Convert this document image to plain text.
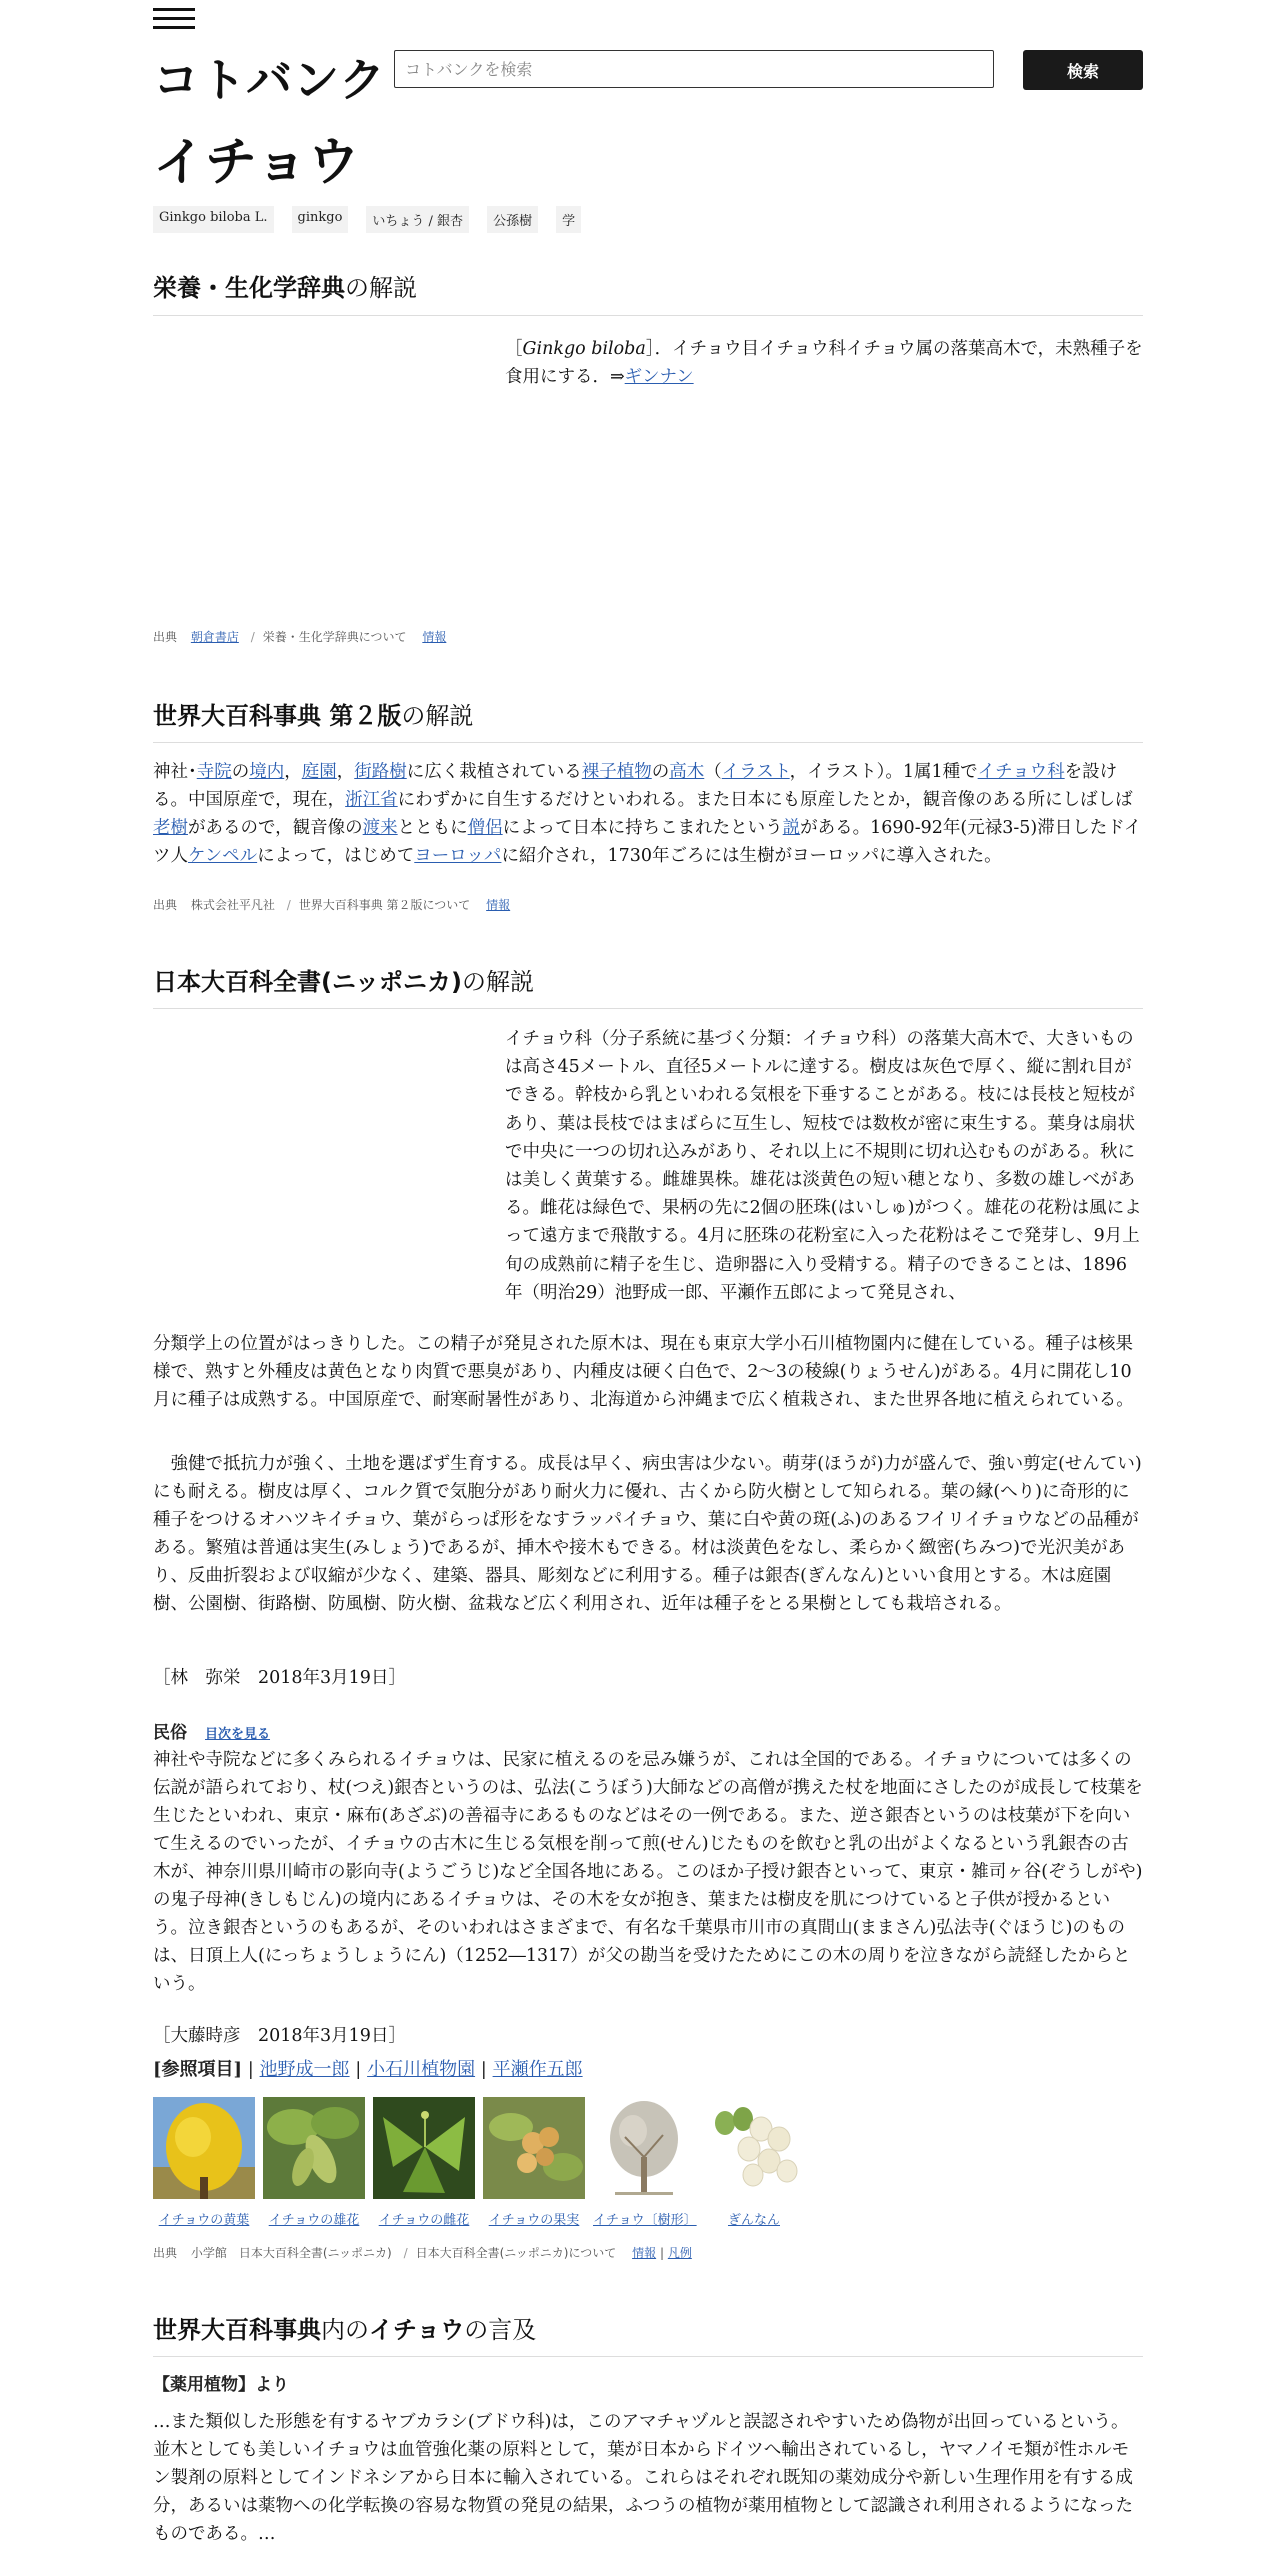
コトバンク
コトバンクを検索	検索
イチョウ
Ginkgo biloba L.	ginkgo	いちょう / 銀杏	公孫樹	学
栄養・生化学辞典の解説
［Ginkgo biloba］．イチョウ目イチョウ科イチョウ属の落葉高木で，未熟種子を食用にする．⇒ギンナン
出典 朝倉書店 / 栄養・生化学辞典について 情報
世界大百科事典 第２版の解説
神社･寺院の境内，庭園，街路樹に広く栽植されている裸子植物の高木（イラスト，イラスト）。1属1種でイチョウ科を設ける。中国原産で，現在，浙江省にわずかに自生するだけといわれる。また日本にも原産したとか，観音像のある所にしばしば老樹があるので，観音像の渡来とともに僧侶によって日本に持ちこまれたという説がある。1690-92年(元禄3-5)滞日したドイツ人ケンペルによって，はじめてヨーロッパに紹介され，1730年ごろには生樹がヨーロッパに導入された。
出典 株式会社平凡社 / 世界大百科事典 第２版について 情報
日本大百科全書(ニッポニカ)の解説
イチョウ科（分子系統に基づく分類：イチョウ科）の落葉大高木で、大きいものは高さ45メートル、直径5メートルに達する。樹皮は灰色で厚く、縦に割れ目ができる。幹枝から乳といわれる気根を下垂することがある。枝には長枝と短枝があり、葉は長枝ではまばらに互生し、短枝では数枚が密に束生する。葉身は扇状で中央に一つの切れ込みがあり、それ以上に不規則に切れ込むものがある。秋には美しく黄葉する。雌雄異株。雄花は淡黄色の短い穂となり、多数の雄しべがある。雌花は緑色で、果柄の先に2個の胚珠(はいしゅ)がつく。雄花の花粉は風によって遠方まで飛散する。4月に胚珠の花粉室に入った花粉はそこで発芽し、9月上旬の成熟前に精子を生じ、造卵器に入り受精する。精子のできることは、1896年（明治29）池野成一郎、平瀬作五郎によって発見され、
分類学上の位置がはっきりした。この精子が発見された原木は、現在も東京大学小石川植物園内に健在している。種子は核果様で、熟すと外種皮は黄色となり肉質で悪臭があり、内種皮は硬く白色で、2～3の稜線(りょうせん)がある。4月に開花し10月に種子は成熟する。中国原産で、耐寒耐暑性があり、北海道から沖縄まで広く植栽され、また世界各地に植えられている。
　強健で抵抗力が強く、土地を選ばず生育する。成長は早く、病虫害は少ない。萌芽(ほうが)力が盛んで、強い剪定(せんてい)にも耐える。樹皮は厚く、コルク質で気胞分があり耐火力に優れ、古くから防火樹として知られる。葉の縁(へり)に奇形的に種子をつけるオハツキイチョウ、葉がらっぱ形をなすラッパイチョウ、葉に白や黄の斑(ふ)のあるフイリイチョウなどの品種がある。繁殖は普通は実生(みしょう)であるが、挿木や接木もできる。材は淡黄色をなし、柔らかく緻密(ちみつ)で光沢美があり、反曲折裂および収縮が少なく、建築、器具、彫刻などに利用する。種子は銀杏(ぎんなん)といい食用とする。木は庭園樹、公園樹、街路樹、防風樹、防火樹、盆栽など広く利用され、近年は種子をとる果樹としても栽培される。
［林　弥栄　2018年3月19日］
民俗 目次を見る
神社や寺院などに多くみられるイチョウは、民家に植えるのを忌み嫌うが、これは全国的である。イチョウについては多くの伝説が語られており、杖(つえ)銀杏というのは、弘法(こうぼう)大師などの高僧が携えた杖を地面にさしたのが成長して枝葉を生じたといわれ、東京・麻布(あざぶ)の善福寺にあるものなどはその一例である。また、逆さ銀杏というのは枝葉が下を向いて生えるのでいったが、イチョウの古木に生じる気根を削って煎(せん)じたものを飲むと乳の出がよくなるという乳銀杏の古木が、神奈川県川崎市の影向寺(ようごうじ)など全国各地にある。このほか子授け銀杏といって、東京・雑司ヶ谷(ぞうしがや)の鬼子母神(きしもじん)の境内にあるイチョウは、その木を女が抱き、葉または樹皮を肌につけていると子供が授かるという。泣き銀杏というのもあるが、そのいわれはさまざまで、有名な千葉県市川市の真間山(ままさん)弘法寺(ぐほうじ)のものは、日頂上人(にっちょうしょうにん)（1252―1317）が父の勘当を受けたためにこの木の周りを泣きながら読経したからという。
［大藤時彦　2018年3月19日］
[参照項目] | 池野成一郎 | 小石川植物園 | 平瀬作五郎
イチョウの黄葉	イチョウの雄花	イチョウの雌花	イチョウの果実	イチョウ〔樹形〕	ぎんなん
出典 小学館　日本大百科全書(ニッポニカ) / 日本大百科全書(ニッポニカ)について 情報 | 凡例
世界大百科事典内のイチョウの言及
【薬用植物】より
…また類似した形態を有するヤブカラシ(ブドウ科)は，このアマチャヅルと誤認されやすいため偽物が出回っているという。並木としても美しいイチョウは血管強化薬の原料として，葉が日本からドイツへ輸出されているし，ヤマノイモ類が性ホルモン製剤の原料としてインドネシアから日本に輸入されている。これらはそれぞれ既知の薬効成分や新しい生理作用を有する成分，あるいは薬物への化学転換の容易な物質の発見の結果，ふつうの植物が薬用植物として認識され利用されるようになったものである。…
